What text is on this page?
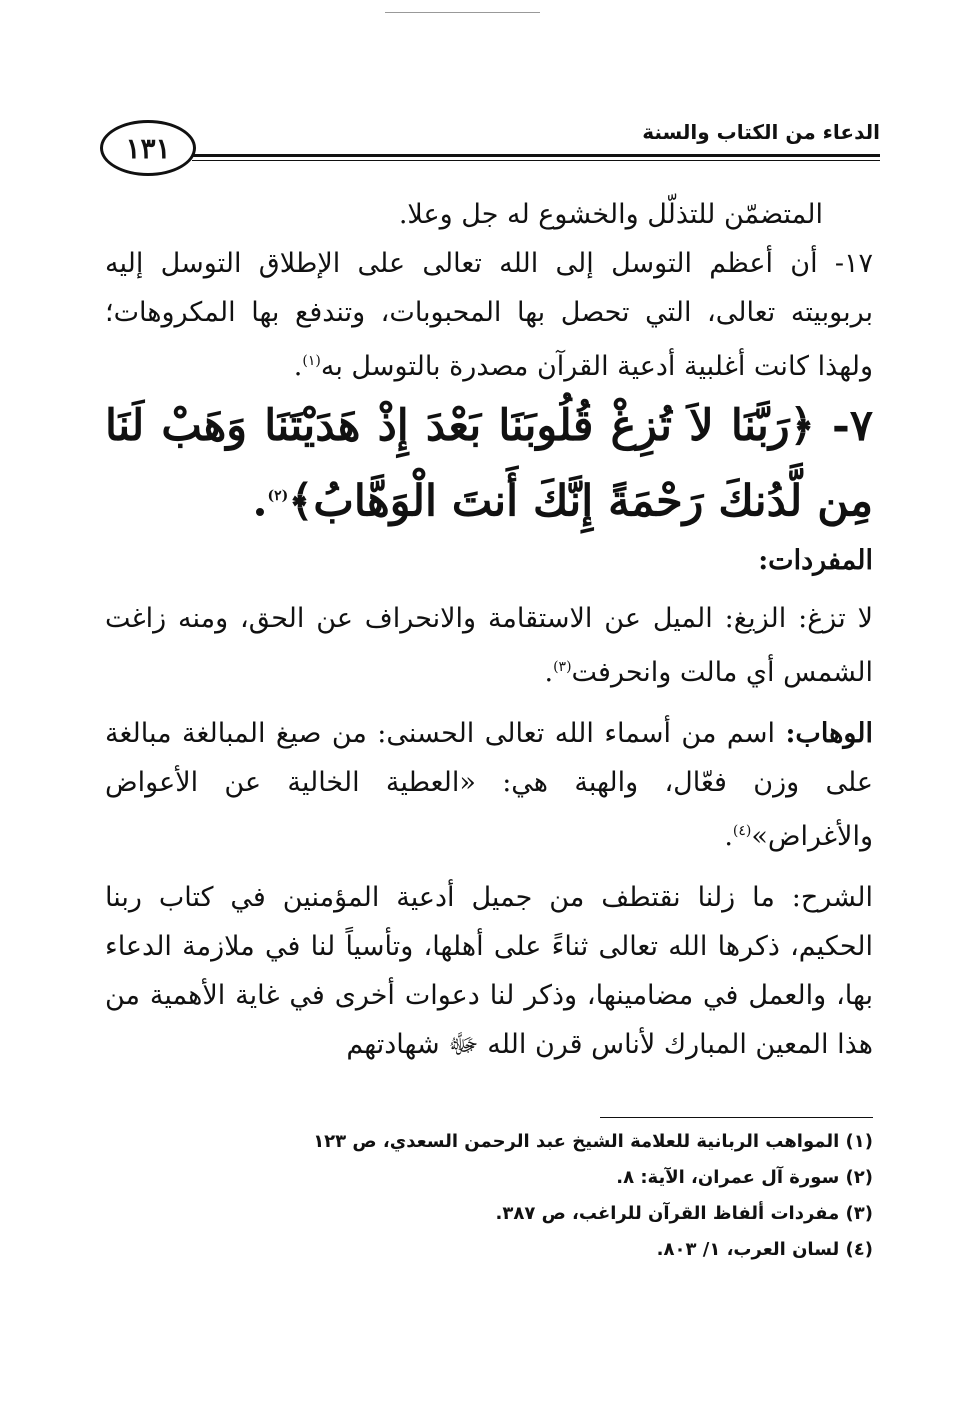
١٣١	الدعاء من الكتاب والسنة

المتضمّن للتذلّل والخشوع له جل وعلا.

١٧- أن أعظم التوسل إلى الله تعالى على الإطلاق التوسل إليه بربوبيته تعالى، التي تحصل بها المحبوبات، وتندفع بها المكروهات؛ ولهذا كانت أغلبية أدعية القرآن مصدرة بالتوسل به$^{(١)}$.

٧- ﴿رَبَّنَا لاَ تُزِغْ قُلُوبَنَا بَعْدَ إِذْ هَدَيْتَنَا وَهَبْ لَنَا مِن لَّدُنكَ رَحْمَةً إِنَّكَ أَنتَ الْوَهَّابُ﴾$^{(٢)}$.

المفردات:

لا تزغ: الزيغ: الميل عن الاستقامة والانحراف عن الحق، ومنه زاغت الشمس أي مالت وانحرفت$^{(٣)}$.

الوهاب: اسم من أسماء الله تعالى الحسنى: من صيغ المبالغة مبالغة على وزن فعّال، والهبة هي: «العطية الخالية عن الأعواض والأغراض»$^{(٤)}$.

الشرح: ما زلنا نقتطف من جميل أدعية المؤمنين في كتاب ربنا الحكيم، ذكرها الله تعالى ثناءً على أهلها، وتأسياً لنا في ملازمة الدعاء بها، والعمل في مضامينها، وذكر لنا دعوات أخرى في غاية الأهمية من هذا المعين المبارك لأناس قرن الله ﷻ شهادتهم

(١) المواهب الربانية للعلامة الشيخ عبد الرحمن السعدي، ص ١٢٣

(٢) سورة آل عمران، الآية: ٨.

(٣) مفردات ألفاظ القرآن للراغب، ص ٣٨٧.

(٤) لسان العرب، ١/ ٨٠٣.
